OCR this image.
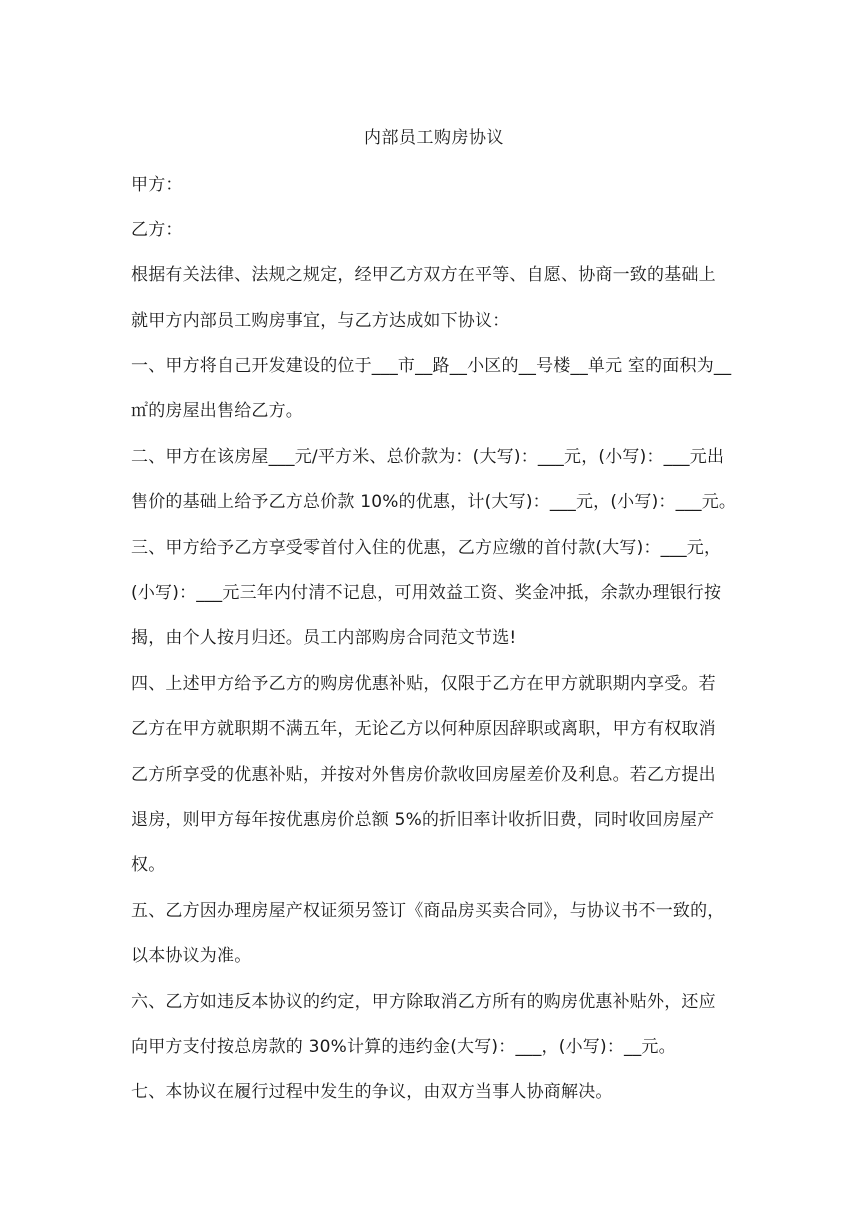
内部员工购房协议
甲方：
乙方：
根据有关法律、法规之规定，经甲乙方双方在平等、自愿、协商一致的基础上
就甲方内部员工购房事宜，与乙方达成如下协议：
一、甲方将自己开发建设的位于___市__路__小区的__号楼__单元 室的面积为__
㎡的房屋出售给乙方。
二、甲方在该房屋___元/平方米、总价款为：(大写)：___元，(小写)：___元出
售价的基础上给予乙方总价款 10%的优惠，计(大写)：___元，(小写)：___元。
三、甲方给予乙方享受零首付入住的优惠，乙方应缴的首付款(大写)：___元，
(小写)：___元三年内付清不记息，可用效益工资、奖金冲抵，余款办理银行按
揭，由个人按月归还。员工内部购房合同范文节选!
四、上述甲方给予乙方的购房优惠补贴，仅限于乙方在甲方就职期内享受。若
乙方在甲方就职期不满五年，无论乙方以何种原因辞职或离职，甲方有权取消
乙方所享受的优惠补贴，并按对外售房价款收回房屋差价及利息。若乙方提出
退房，则甲方每年按优惠房价总额 5%的折旧率计收折旧费，同时收回房屋产
权。
五、乙方因办理房屋产权证须另签订《商品房买卖合同》，与协议书不一致的，
以本协议为准。
六、乙方如违反本协议的约定，甲方除取消乙方所有的购房优惠补贴外，还应
向甲方支付按总房款的 30%计算的违约金(大写)：___，(小写)：__元。
七、本协议在履行过程中发生的争议，由双方当事人协商解决。
